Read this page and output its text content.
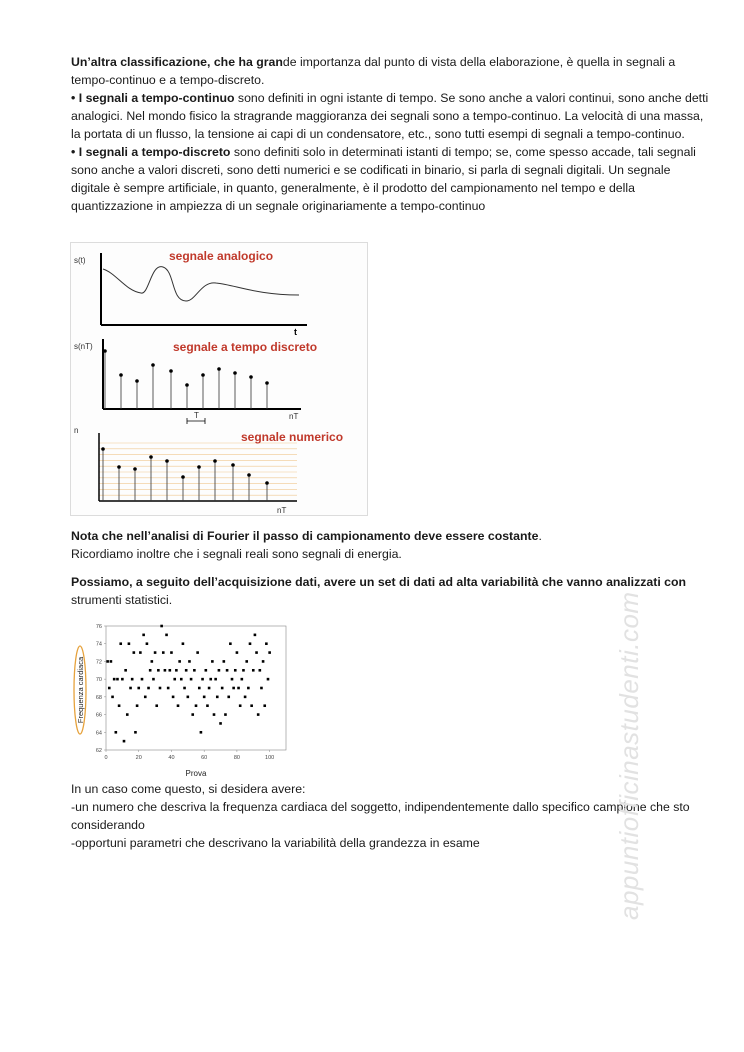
Un’altra classificazione, che ha grande importanza dal punto di vista della elaborazione, è quella in segnali a tempo-continuo e a tempo-discreto.

• I segnali a tempo-continuo sono definiti in ogni istante di tempo. Se sono anche a valori continui, sono anche detti analogici. Nel mondo fisico la stragrande maggioranza dei segnali sono a tempo-continuo. La velocità di una massa, la portata di un flusso, la tensione ai capi di un condensatore, etc., sono tutti esempi di segnali a tempo-continuo.

• I segnali a tempo-discreto sono definiti solo in determinati istanti di tempo; se, come spesso accade, tali segnali sono anche a valori discreti, sono detti numerici e se codificati in binario, si parla di segnali digitali. Un segnale digitale è sempre artificiale, in quanto, generalmente, è il prodotto del campionamento nel tempo e della quantizzazione in ampiezza di un segnale originariamente a tempo-continuo

s(t)
t
segnale analogico
s(nT)
nT
T
segnale a tempo discreto
n
nT
segnale numerico

Nota che nell’analisi di Fourier il passo di campionamento deve essere costante.

Ricordiamo inoltre che i segnali reali sono segnali di energia.

Possiamo, a seguito dell’acquisizione dati, avere un set di dati ad alta variabilità che vanno analizzati con strumenti statistici.

62
64
66
68
70
72
74
76
0	20	40	60	80	100
Frequenza cardiaca
Prova

In un caso come questo, si desidera avere:

-un numero che descriva la frequenza cardiaca del soggetto, indipendentemente dallo specifico campione che sto considerando

-opportuni parametri che descrivano la variabilità della grandezza in esame	appuntiofficinastudenti.com
